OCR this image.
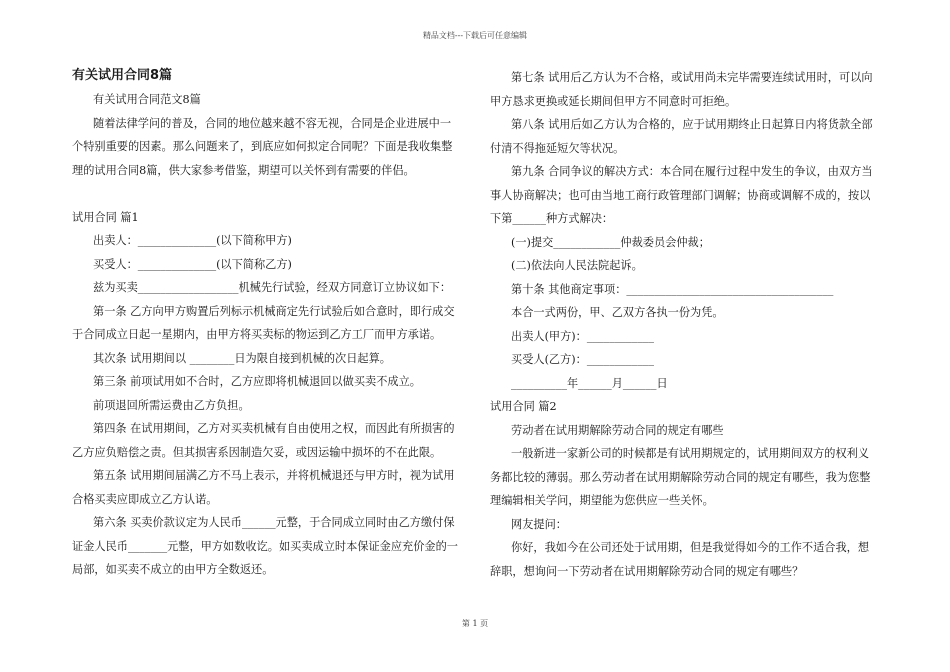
精品文档---下载后可任意编辑
有关试用合同8篇

有关试用合同范文8篇

随着法律学问的普及，合同的地位越来越不容无视，合同是企业进展中一

个特别重要的因素。那么问题来了，到底应如何拟定合同呢？下面是我收集整

理的试用合同8篇，供大家参考借鉴，期望可以关怀到有需要的伴侣。

试用合同 篇1

出卖人：______________(以下简称甲方)

买受人：______________(以下简称乙方)

兹为买卖__________________机械先行试验，经双方同意订立协议如下：

第一条 乙方向甲方购置后列标示机械商定先行试验后如合意时，即行成交

于合同成立日起一星期内，由甲方将买卖标的物运到乙方工厂而甲方承诺。

其次条 试用期间以 ________日为限自接到机械的次日起算。

第三条 前项试用如不合时，乙方应即将机械退回以做买卖不成立。

前项退回所需运费由乙方负担。

第四条 在试用期间，乙方对买卖机械有自由使用之权，而因此有所损害的

乙方应负赔偿之责。但其损害系因制造欠妥，或因运输中损坏的不在此限。

第五条 试用期间届满乙方不马上表示，并将机械退还与甲方时，视为试用

合格买卖应即成立乙方认诺。

第六条 买卖价款议定为人民币______元整，于合同成立同时由乙方缴付保

证金人民币_______元整，甲方如数收讫。如买卖成立时本保证金应充价金的一

局部，如买卖不成立的由甲方全数返还。

第七条 试用后乙方认为不合格，或试用尚未完毕需要连续试用时，可以向

甲方恳求更换或延长期间但甲方不同意时可拒绝。

第八条 试用后如乙方认为合格的，应于试用期终止日起算日内将货款全部

付清不得拖延短欠等状况。

第九条 合同争议的解决方式：本合同在履行过程中发生的争议，由双方当

事人协商解决；也可由当地工商行政管理部门调解；协商或调解不成的，按以

下第______种方式解决：

(一)提交____________仲裁委员会仲裁；

(二)依法向人民法院起诉。

第十条 其他商定事项：_____________________________________

本合一式两份，甲、乙双方各执一份为凭。

出卖人(甲方)：____________

买受人(乙方)：____________

__________年______月______日

试用合同 篇2

劳动者在试用期解除劳动合同的规定有哪些

一般新进一家新公司的时候都是有试用期规定的，试用期间双方的权利义

务都比较的薄弱。那么劳动者在试用期解除劳动合同的规定有哪些，我为您整

理编辑相关学问，期望能为您供应一些关怀。

网友提问：

你好，我如今在公司还处于试用期，但是我觉得如今的工作不适合我，想

辞职，想询问一下劳动者在试用期解除劳动合同的规定有哪些？

第 1 页
